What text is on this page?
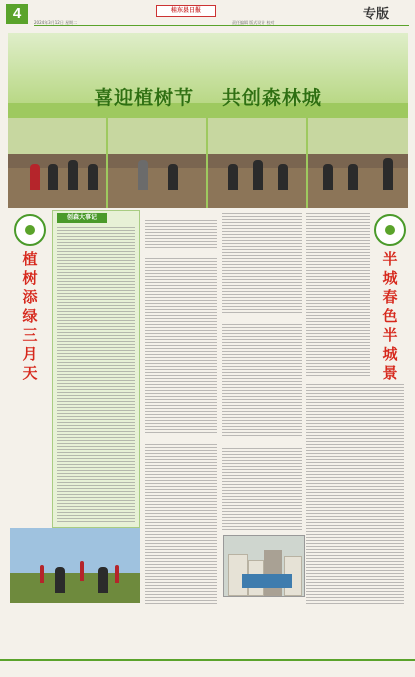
4	桂东县日报	专版
2024年3月12日 星期二	责任编辑 版式设计 校对
喜迎植树节 共创森林城
植树添绿三月天
创森大事记
半城春色半城景
